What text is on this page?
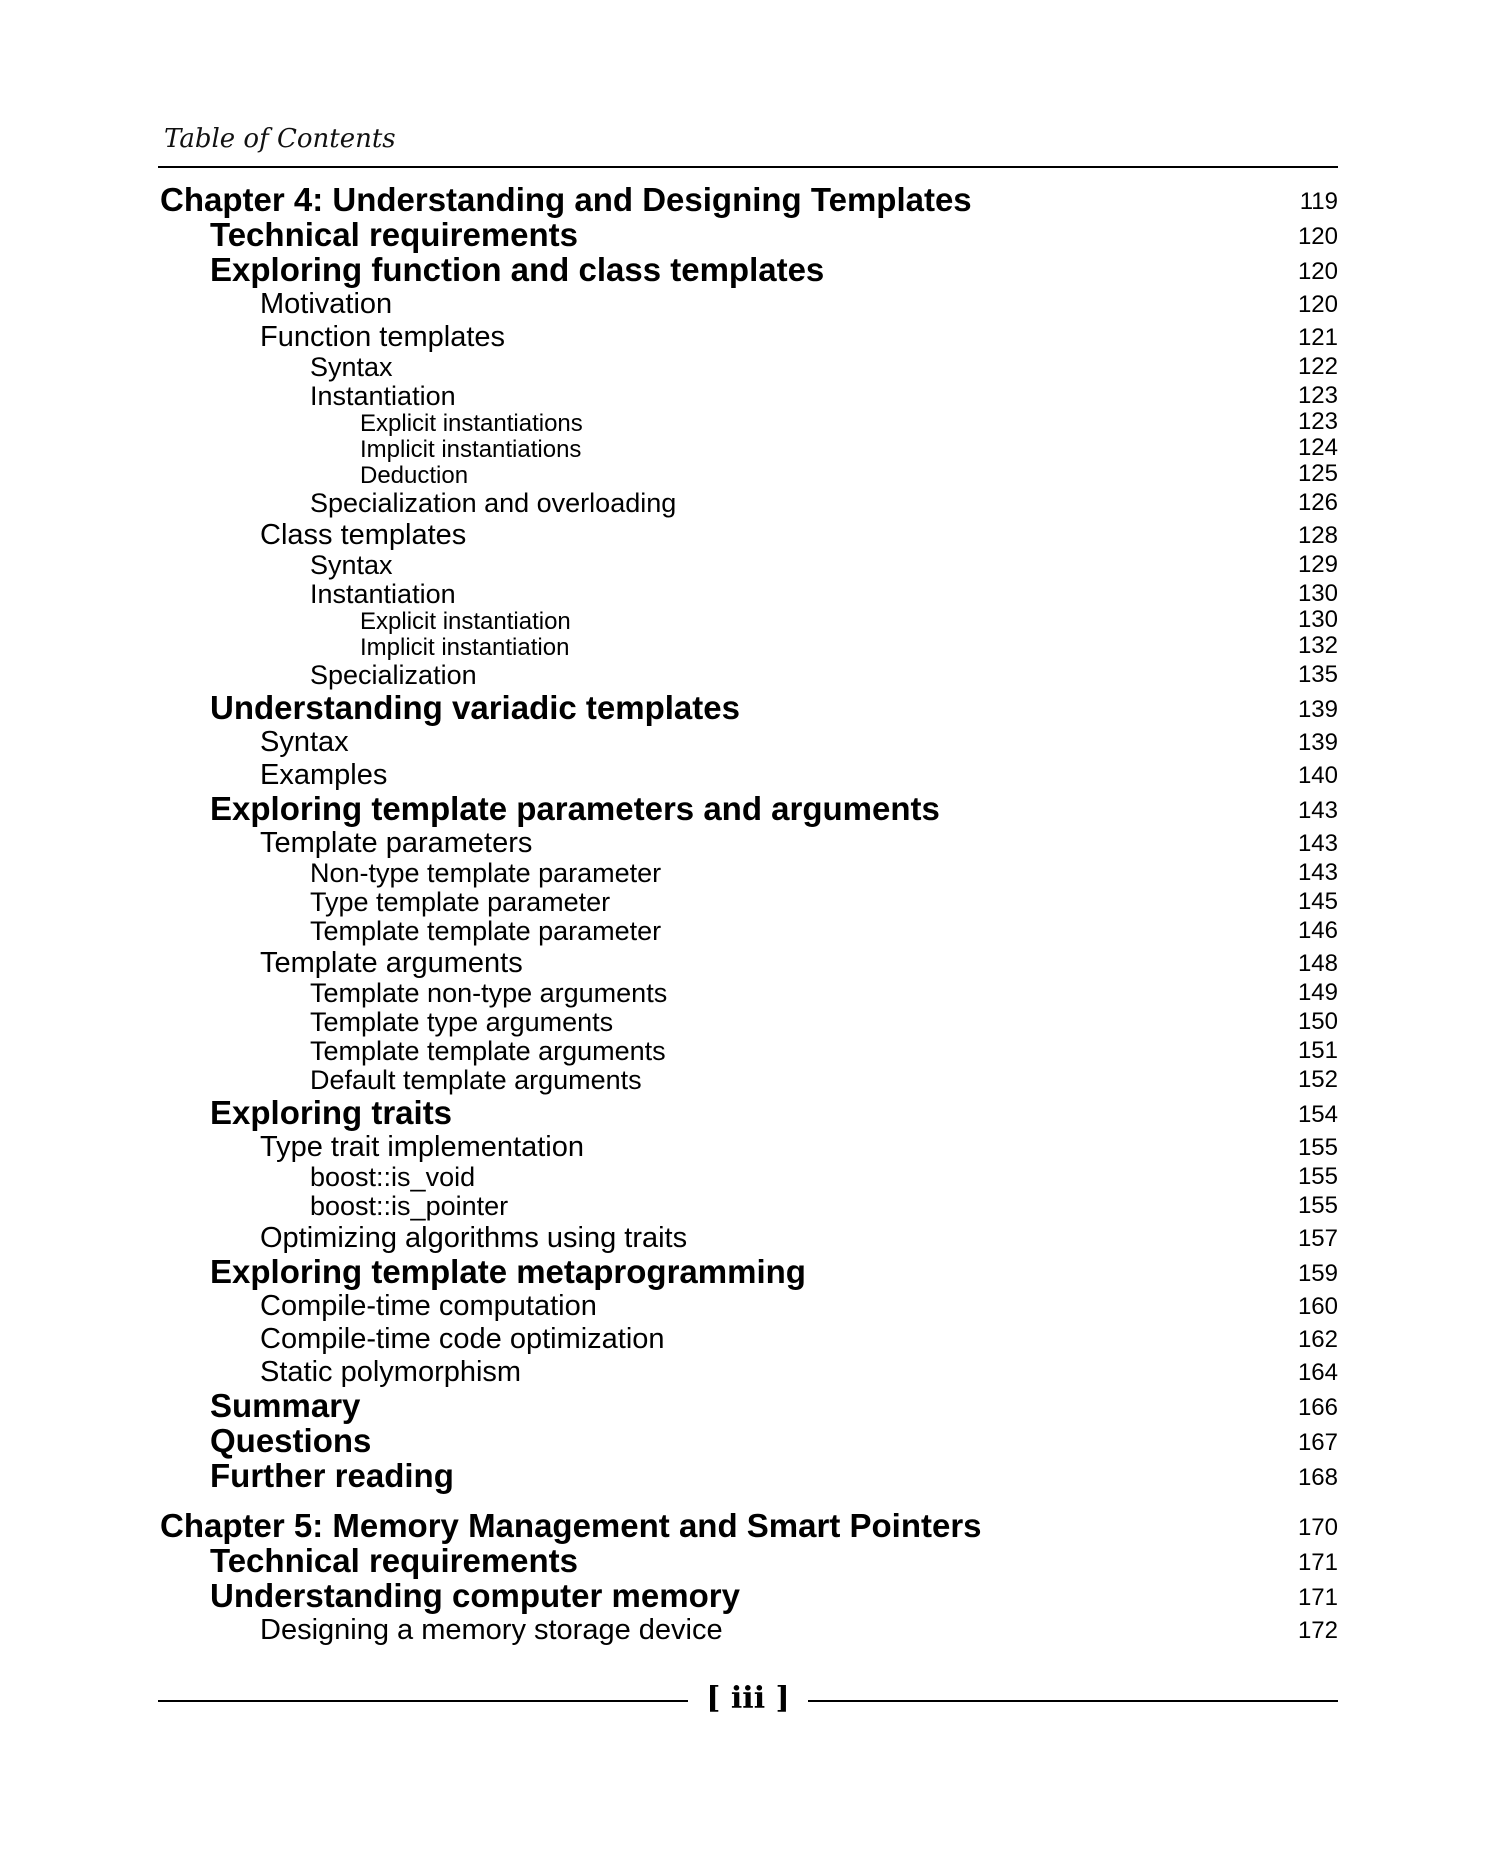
Table of Contents
Chapter 4: Understanding and Designing Templates	119
Technical requirements	120
Exploring function and class templates	120
Motivation	120
Function templates	121
Syntax	122
Instantiation	123
Explicit instantiations	123
Implicit instantiations	124
Deduction	125
Specialization and overloading	126
Class templates	128
Syntax	129
Instantiation	130
Explicit instantiation	130
Implicit instantiation	132
Specialization	135
Understanding variadic templates	139
Syntax	139
Examples	140
Exploring template parameters and arguments	143
Template parameters	143
Non-type template parameter	143
Type template parameter	145
Template template parameter	146
Template arguments	148
Template non-type arguments	149
Template type arguments	150
Template template arguments	151
Default template arguments	152
Exploring traits	154
Type trait implementation	155
boost::is_void	155
boost::is_pointer	155
Optimizing algorithms using traits	157
Exploring template metaprogramming	159
Compile-time computation	160
Compile-time code optimization	162
Static polymorphism	164
Summary	166
Questions	167
Further reading	168
Chapter 5: Memory Management and Smart Pointers	170
Technical requirements	171
Understanding computer memory	171
Designing a memory storage device	172
[ iii ]
